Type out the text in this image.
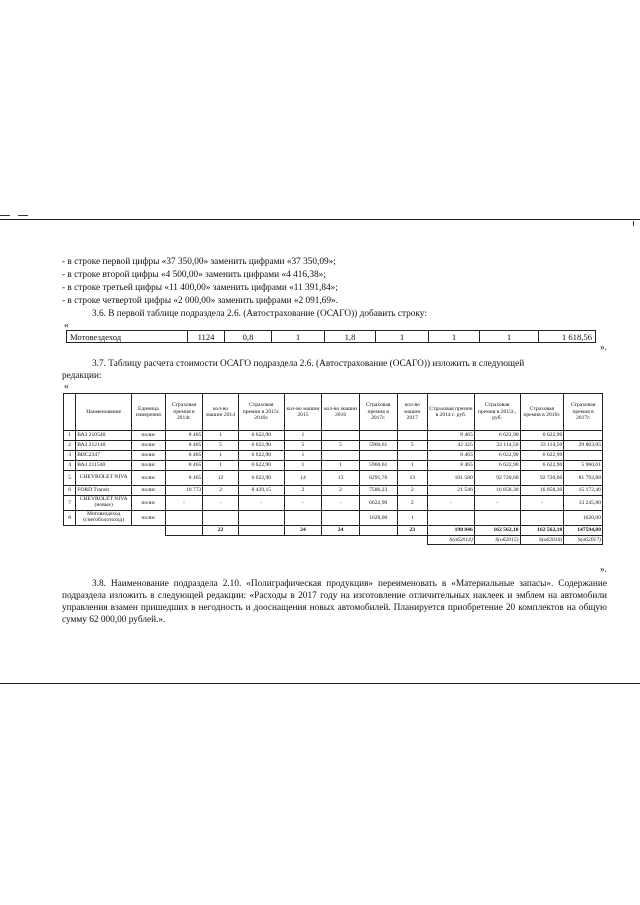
- в строке первой цифры «37 350,00» заменить цифрами «37 350,09»;
- в строке второй цифры «4 500,00» заменить цифрами «4 416,38»;
- в строке третьей цифры «11 400,00» заменить цифрами «11 391,84»;
- в строке четвертой цифры «2 000,00» заменить цифрами «2 091,69».
3.6. В первой таблице подраздела 2.6. (Автострахование (ОСАГО)) добавить строку:
«
Мотовездеход	1124	0,8	1	1,8	1	1	1	1 618,56
».
3.7. Таблицу расчета стоимости ОСАГО подраздела 2.6. (Автострахование (ОСАГО)) изложить в следующей
редакции:
«
	Наименование	Единица измерения	Страховая премия в 2014г.	кол-во машин 2014	Страховая премия в 2015г. 2016г.	кол-во машин 2015	кол-во машин 2016	Страховая премия в 2017г.	кол-во машин 2017	Страховая премия в 2014 г. руб.	Страховая премия в 2015г., руб.	Страховая премия в 2016г.	Страховая премия в 2017г.
1	ВАЗ 210540	полис	8 465	1	6 622,90	1				8 465	6 622,90	6 622,90	
2	ВАЗ 212140	полис	8 465	5	6 622,90	5	5	5960,61	5	42 325	33 114,50	33 114,50	29 803,05
3	ВИС2347	полис	8 465	1	6 622,90	1				8 465	6 622,90	6 622,90	
4	ВАЗ 211540	полис	8 465	1	6 622,90	1	1	5960,61	1	8 465	6 622,90	6 622,90	5 960,61
5	CHEVROLET NIVA	полис	8 465	12	6 622,90	14	13	6291,76	13	101 580	92 720,60	92 720,60	81 792,88
6	FORD Transit	полис	10 773	2	8 429,15	2	2	7586,23	2	21 546	16 858,30	16 858,30	15 172,46
7	CHEVROLET NIVA (новые)	полис	-	-	-	-	-	6622,90	2	-	-	-	13 245,80
8	Мотовездеход (снегоболотоход)	полис						1620,00	1				1620,00
				22		24	24		23	190 846	162 562,10	162 562,10	147594,80
										S(об2014)	S(об2015)	S(об2016)	S(об2017)
».
3.8. Наименование подраздела 2.10. «Полиграфическая продукция» переименовать в «Материальные запасы». Содержание подраздела изложить в следующей редакции: «Расходы в 2017 году на изготовление отличительных наклеек и эмблем на автомобили управления взамен пришедших в негодность и дооснащения новых автомобилей. Планируется приобретение 20 комплектов на общую сумму 62 000,00 рублей.».
